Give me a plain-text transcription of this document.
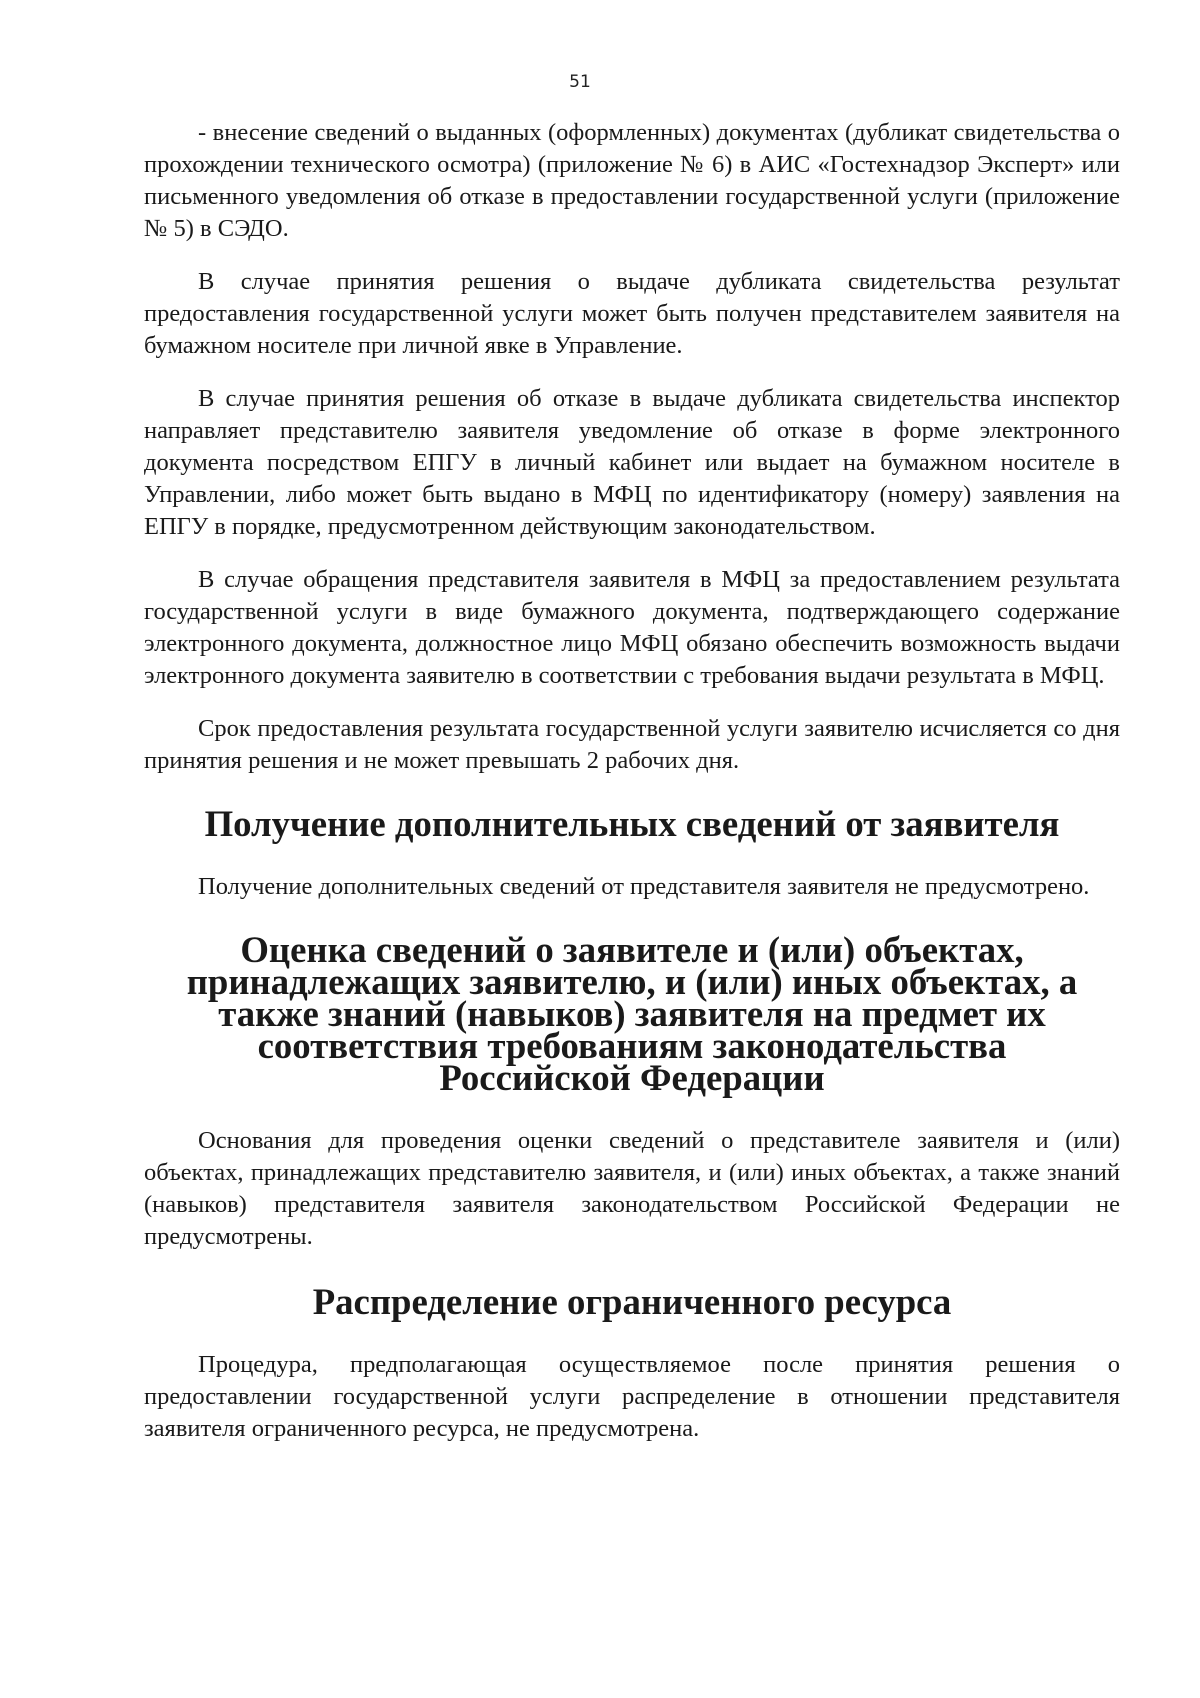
51

- внесение сведений о выданных (оформленных) документах (дубликат свидетельства о прохождении технического осмотра) (приложение № 6) в АИС «Гостехнадзор Эксперт» или письменного уведомления об отказе в предоставлении государственной услуги (приложение № 5) в СЭДО.

В случае принятия решения о выдаче дубликата свидетельства результат предоставления государственной услуги может быть получен представителем заявителя на бумажном носителе при личной явке в Управление.

В случае принятия решения об отказе в выдаче дубликата свидетельства инспектор направляет представителю заявителя уведомление об отказе в форме электронного документа посредством ЕПГУ в личный кабинет или выдает на бумажном носителе в Управлении, либо может быть выдано в МФЦ по идентификатору (номеру) заявления на ЕПГУ в порядке, предусмотренном действующим законодательством.

В случае обращения представителя заявителя в МФЦ за предоставлением результата государственной услуги в виде бумажного документа, подтверждающего содержание электронного документа, должностное лицо МФЦ обязано обеспечить возможность выдачи электронного документа заявителю в соответствии с требования выдачи результата в МФЦ.

Срок предоставления результата государственной услуги заявителю исчисляется со дня принятия решения и не может превышать 2 рабочих дня.

Получение дополнительных сведений от заявителя

Получение дополнительных сведений от представителя заявителя не предусмотрено.

Оценка сведений о заявителе и (или) объектах, принадлежащих заявителю, и (или) иных объектах, а также знаний (навыков) заявителя на предмет их соответствия требованиям законодательства Российской Федерации

Основания для проведения оценки сведений о представителе заявителя и (или) объектах, принадлежащих представителю заявителя, и (или) иных объектах, а также знаний (навыков) представителя заявителя законодательством Российской Федерации не предусмотрены.

Распределение ограниченного ресурса

Процедура, предполагающая осуществляемое после принятия решения о предоставлении государственной услуги распределение в отношении представителя заявителя ограниченного ресурса, не предусмотрена.
